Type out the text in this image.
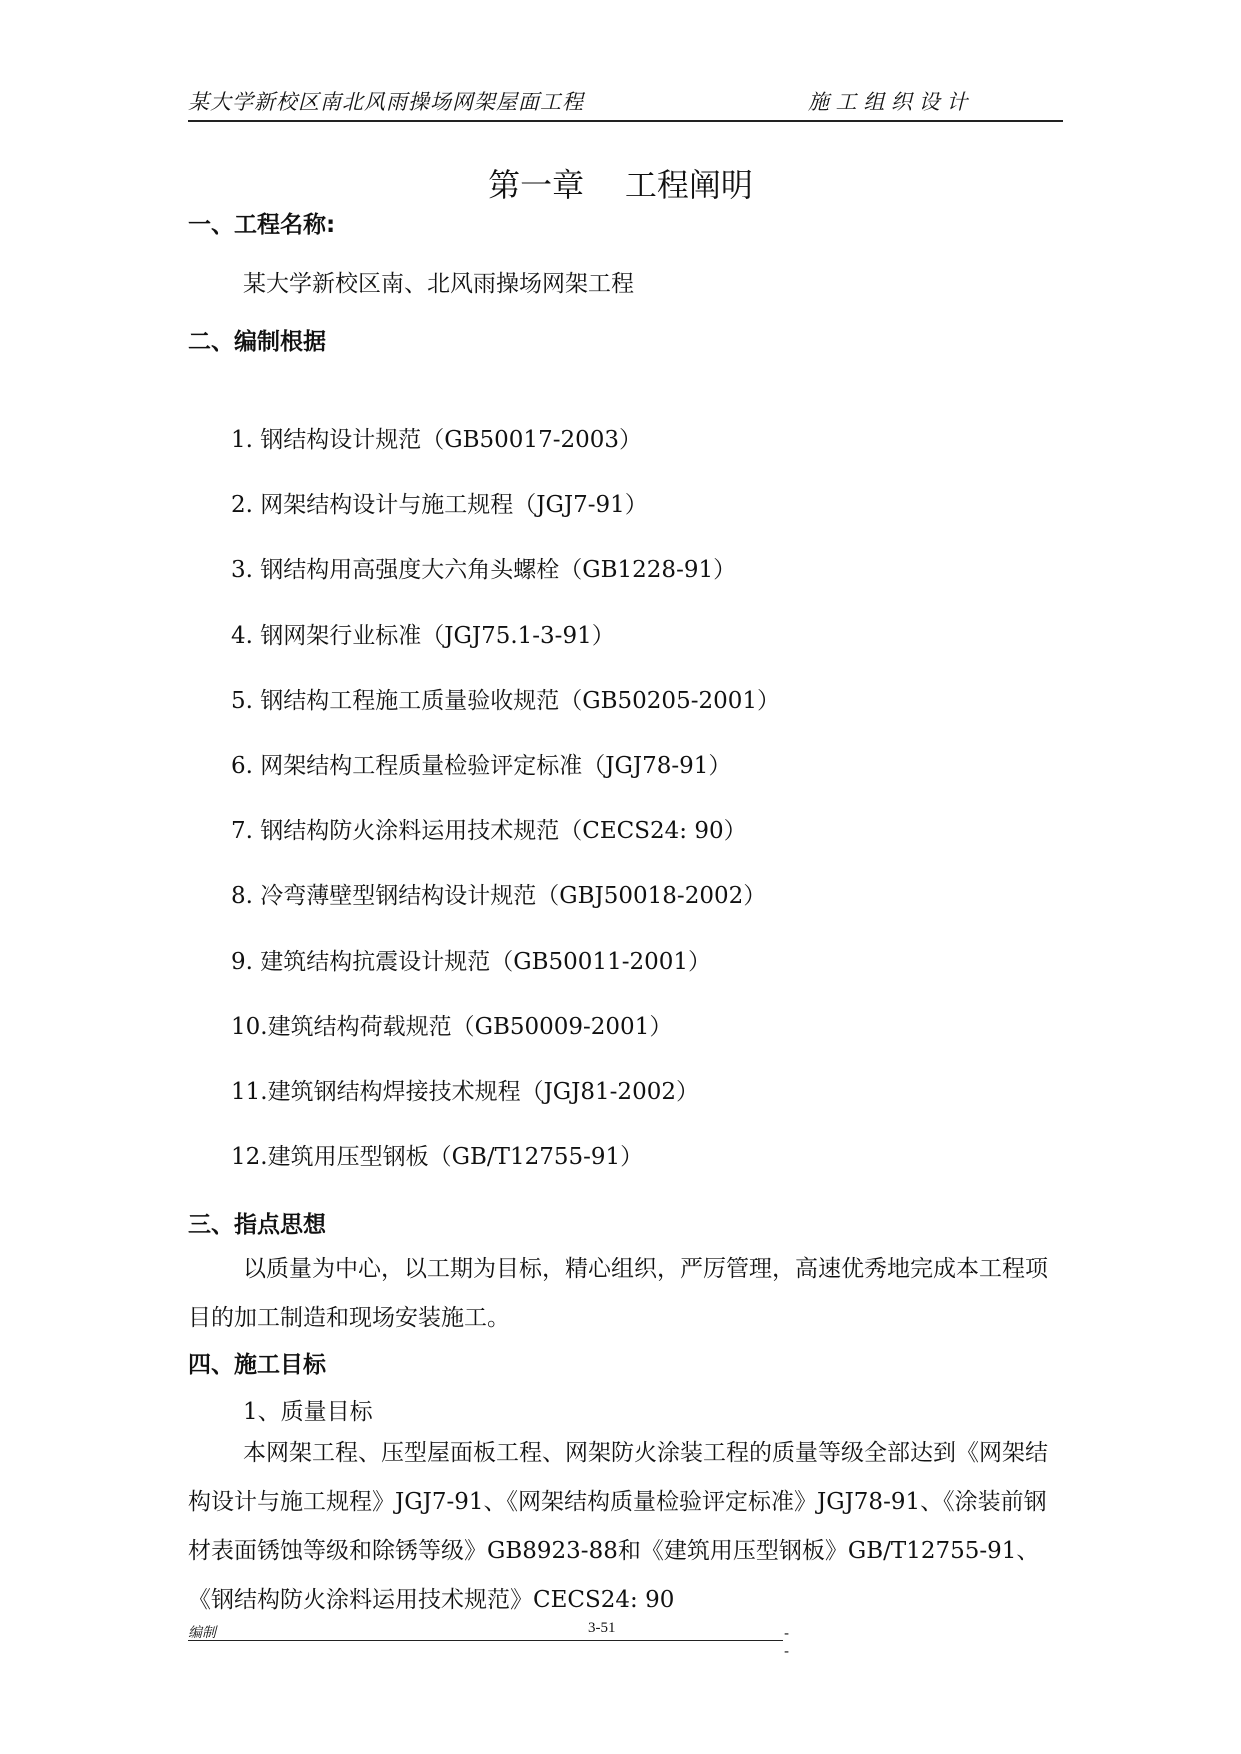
某大学新校区南北风雨操场网架屋面工程	施 工 组 织 设 计
第一章    工程阐明
一、工程名称:
某大学新校区南、北风雨操场网架工程
二、编制根据
1. 钢结构设计规范（GB50017-2003）
2. 网架结构设计与施工规程（JGJ7-91）
3. 钢结构用高强度大六角头螺栓（GB1228-91）
4. 钢网架行业标准（JGJ75.1-3-91）
5. 钢结构工程施工质量验收规范（GB50205-2001）
6. 网架结构工程质量检验评定标准（JGJ78-91）
7. 钢结构防火涂料运用技术规范（CECS24: 90）
8. 冷弯薄壁型钢结构设计规范（GBJ50018-2002）
9. 建筑结构抗震设计规范（GB50011-2001）
10.建筑结构荷载规范（GB50009-2001）
11.建筑钢结构焊接技术规程（JGJ81-2002）
12.建筑用压型钢板（GB/T12755-91）
三、指点思想
以质量为中心，以工期为目标，精心组织，严厉管理，高速优秀地完成本工程项目的加工制造和现场安装施工。
四、施工目标
1、质量目标
本网架工程、压型屋面板工程、网架防火涂装工程的质量等级全部达到《网架结构设计与施工规程》JGJ7-91、《网架结构质量检验评定标准》JGJ78-91、《涂装前钢材表面锈蚀等级和除锈等级》GB8923-88和《建筑用压型钢板》GB/T12755-91、《钢结构防火涂料运用技术规范》CECS24: 90
编制	3-51	--
